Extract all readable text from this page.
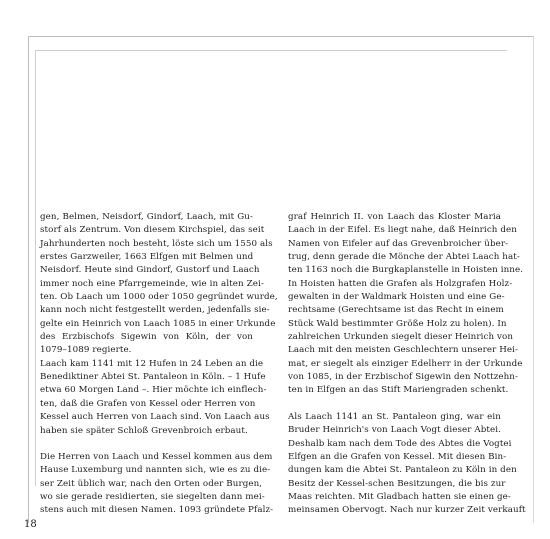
gen, Belmen, Neisdorf, Gindorf, Laach, mit Gu-

storf als Zentrum. Von diesem Kirchspiel, das seit

Jahrhunderten noch besteht, löste sich um 1550 als

erstes Garzweiler, 1663 Elfgen mit Belmen und

Neisdorf. Heute sind Gindorf, Gustorf und Laach

immer noch eine Pfarrgemeinde, wie in alten Zei-

ten. Ob Laach um 1000 oder 1050 gegründet wurde,

kann noch nicht festgestellt werden, jedenfalls sie-

gelte ein Heinrich von Laach 1085 in einer Urkunde

des Erzbischofs Sigewin von Köln, der von

1079–1089 regierte.

Laach kam 1141 mit 12 Hufen in 24 Leben an die

Benediktiner Abtei St. Pantaleon in Köln. – 1 Hufe

etwa 60 Morgen Land –. Hier möchte ich einflech-

ten, daß die Grafen von Kessel oder Herren von

Kessel auch Herren von Laach sind. Von Laach aus

haben sie später Schloß Grevenbroich erbaut.

Die Herren von Laach und Kessel kommen aus dem

Hause Luxemburg und nannten sich, wie es zu die-

ser Zeit üblich war, nach den Orten oder Burgen,

wo sie gerade residierten, sie siegelten dann mei-

stens auch mit diesen Namen. 1093 gründete Pfalz-

graf Heinrich II. von Laach das Kloster Maria

Laach in der Eifel. Es liegt nahe, daß Heinrich den

Namen von Eifeler auf das Grevenbroicher über-

trug, denn gerade die Mönche der Abtei Laach hat-

ten 1163 noch die Burgkaplanstelle in Hoisten inne.

In Hoisten hatten die Grafen als Holzgrafen Holz-

gewalten in der Waldmark Hoisten und eine Ge-

rechtsame (Gerechtsame ist das Recht in einem

Stück Wald bestimmter Größe Holz zu holen). In

zahlreichen Urkunden siegelt dieser Heinrich von

Laach mit den meisten Geschlechtern unserer Hei-

mat, er siegelt als einziger Edelherr in der Urkunde

von 1085, in der Erzbischof Sigewin den Nottzehn-

ten in Elfgen an das Stift Mariengraden schenkt.

Als Laach 1141 an St. Pantaleon ging, war ein

Bruder Heinrich's von Laach Vogt dieser Abtei.

Deshalb kam nach dem Tode des Abtes die Vogtei

Elfgen an die Grafen von Kessel. Mit diesen Bin-

dungen kam die Abtei St. Pantaleon zu Köln in den

Besitz der Kessel-schen Besitzungen, die bis zur

Maas reichten. Mit Gladbach hatten sie einen ge-

meinsamen Obervogt. Nach nur kurzer Zeit verkauft

18
